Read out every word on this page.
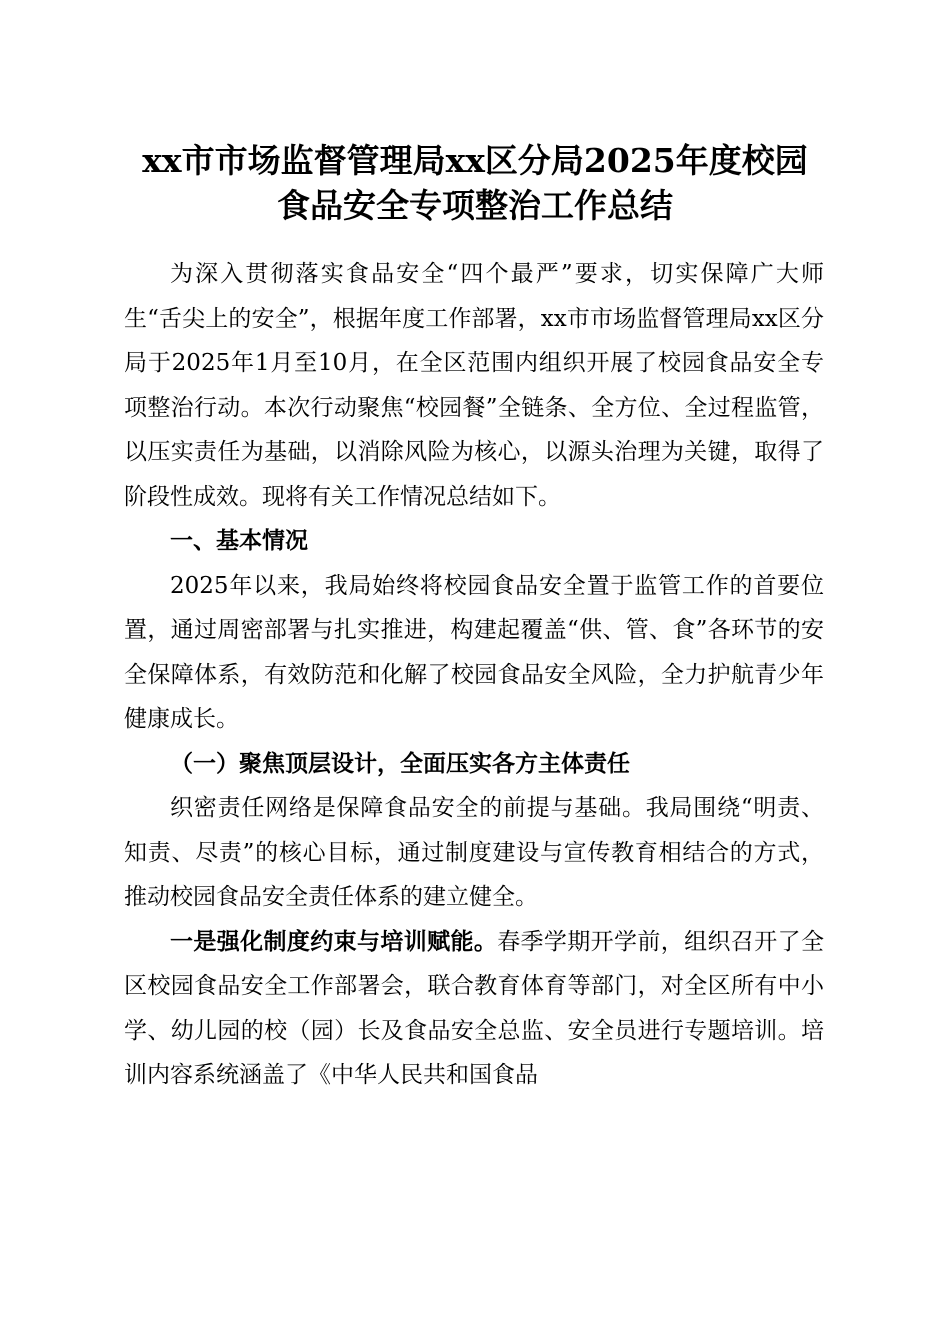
xx市市场监督管理局xx区分局2025年度校园
食品安全专项整治工作总结

为深入贯彻落实食品安全“四个最严”要求，切实保障广大师生“舌尖上的安全”，根据年度工作部署，xx市市场监督管理局xx区分局于2025年1月至10月，在全区范围内组织开展了校园食品安全专项整治行动。本次行动聚焦“校园餐”全链条、全方位、全过程监管，以压实责任为基础，以消除风险为核心，以源头治理为关键，取得了阶段性成效。现将有关工作情况总结如下。

一、基本情况

2025年以来，我局始终将校园食品安全置于监管工作的首要位置，通过周密部署与扎实推进，构建起覆盖“供、管、食”各环节的安全保障体系，有效防范和化解了校园食品安全风险，全力护航青少年健康成长。

（一）聚焦顶层设计，全面压实各方主体责任

织密责任网络是保障食品安全的前提与基础。我局围绕“明责、知责、尽责”的核心目标，通过制度建设与宣传教育相结合的方式，推动校园食品安全责任体系的建立健全。

一是强化制度约束与培训赋能。春季学期开学前，组织召开了全区校园食品安全工作部署会，联合教育体育等部门，对全区所有中小学、幼儿园的校（园）长及食品安全总监、安全员进行专题培训。培训内容系统涵盖了《中华人民共和国食品
